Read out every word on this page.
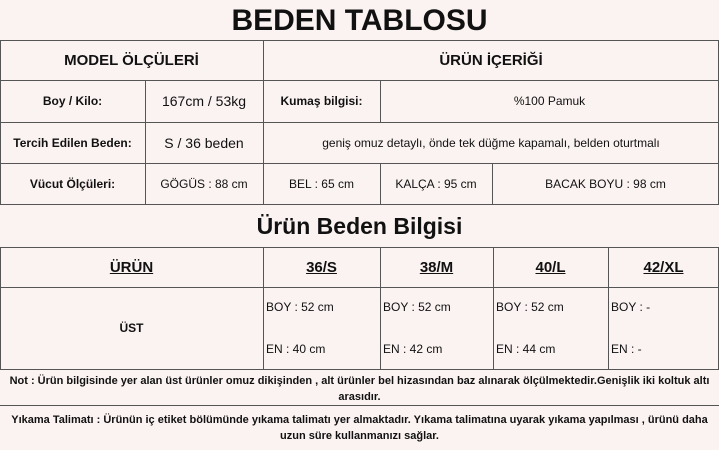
BEDEN TABLOSU
MODEL ÖLÇÜLERİ	ÜRÜN İÇERİĞİ
Boy / Kilo:	167cm / 53kg	Kumaş bilgisi:	%100 Pamuk
Tercih Edilen Beden:	S / 36 beden	geniş omuz detaylı, önde tek düğme kapamalı, belden oturtmalı
Vücut Ölçüleri:	GÖGÜS : 88 cm	BEL : 65 cm	KALÇA : 95 cm	BACAK BOYU : 98 cm
Ürün Beden Bilgisi
ÜRÜN	36/S	38/M	40/L	42/XL
ÜST
BOY : 52 cm	BOY : 52 cm	BOY : 52 cm	BOY : -
EN : 40 cm	EN : 42 cm	EN : 44 cm	EN : -
Not : Ürün bilgisinde yer alan üst ürünler omuz dikişinden , alt ürünler bel hizasından baz alınarak ölçülmektedir.Genişlik iki koltuk altı arasıdır.
Yıkama Talimatı : Ürünün iç etiket bölümünde yıkama talimatı yer almaktadır. Yıkama talimatına uyarak yıkama yapılması , ürünü daha uzun süre kullanmanızı sağlar.
